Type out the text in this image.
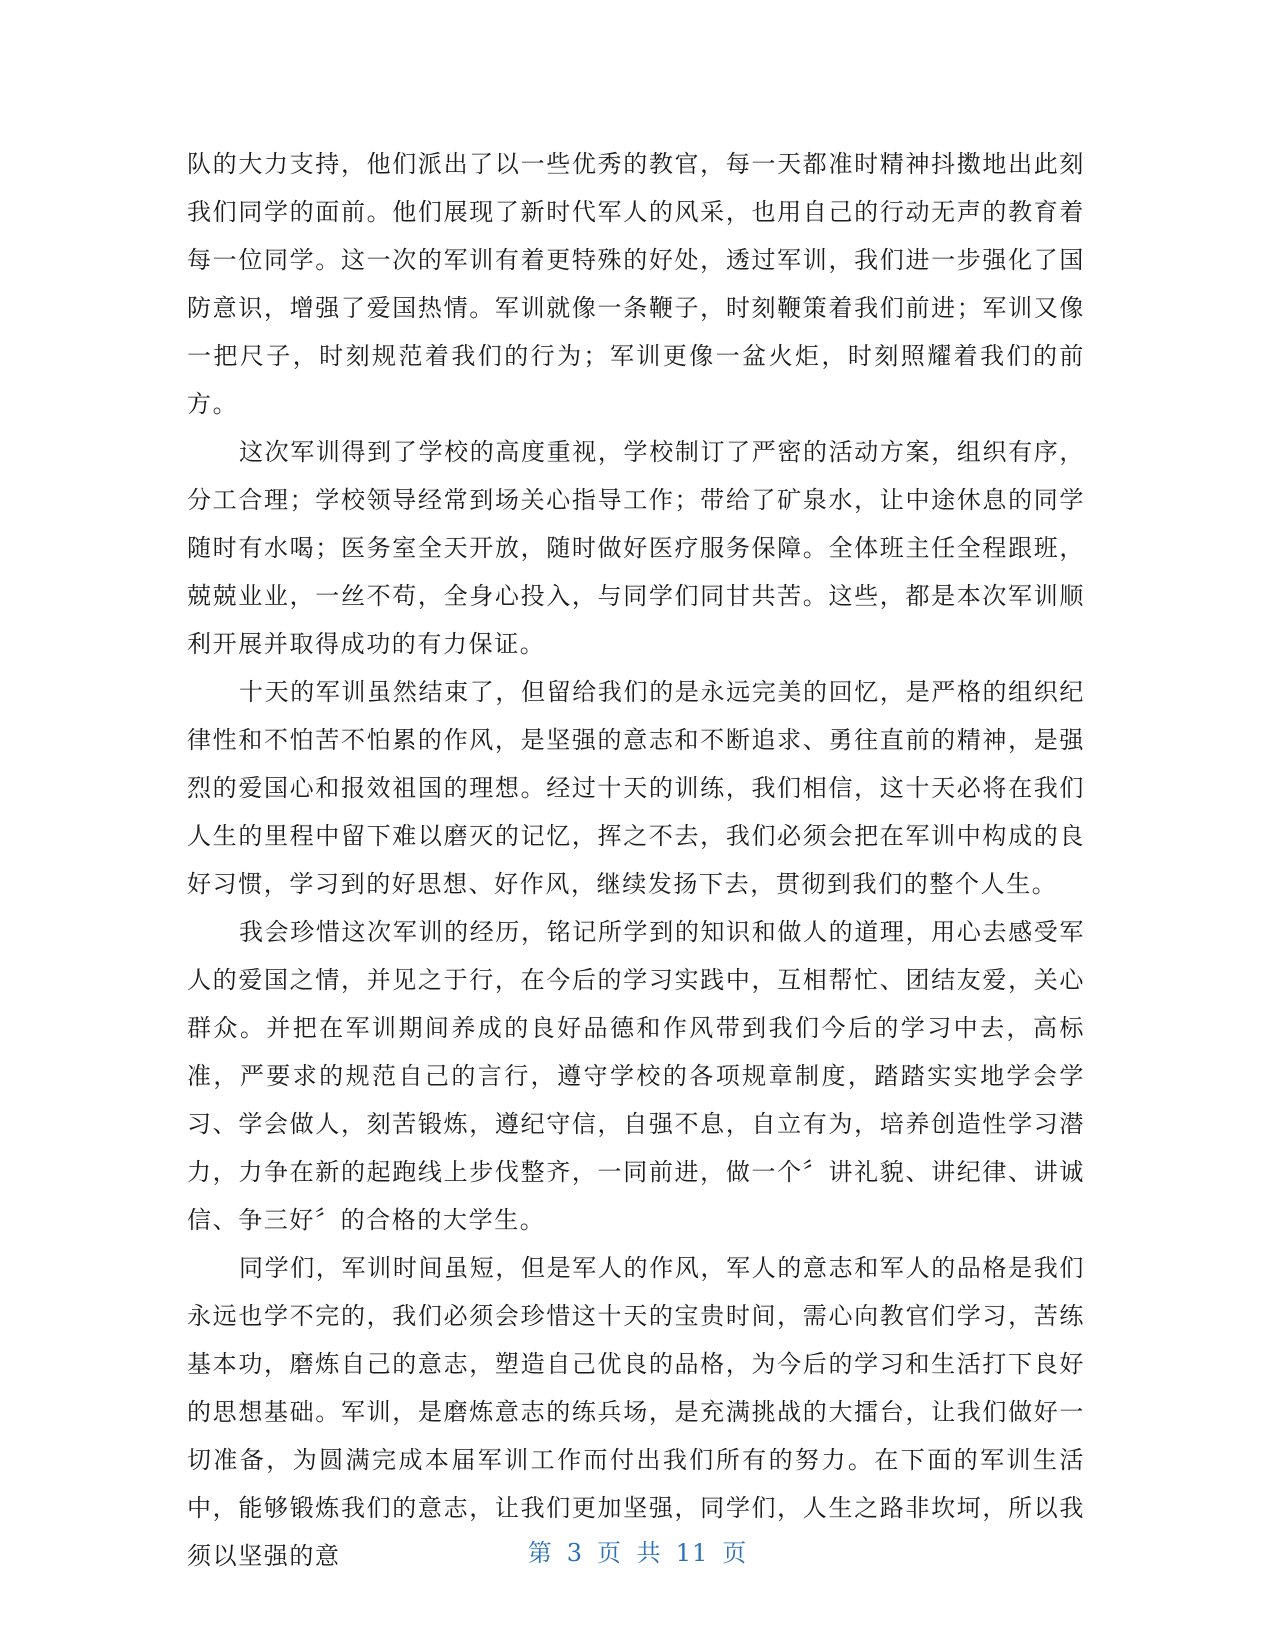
队的大力支持，他们派出了以一些优秀的教官，每一天都准时精神抖擞地出此刻我们同学的面前。他们展现了新时代军人的风采，也用自己的行动无声的教育着每一位同学。这一次的军训有着更特殊的好处，透过军训，我们进一步强化了国防意识，增强了爱国热情。军训就像一条鞭子，时刻鞭策着我们前进；军训又像一把尺子，时刻规范着我们的行为；军训更像一盆火炬，时刻照耀着我们的前方。

这次军训得到了学校的高度重视，学校制订了严密的活动方案，组织有序，分工合理；学校领导经常到场关心指导工作；带给了矿泉水，让中途休息的同学随时有水喝；医务室全天开放，随时做好医疗服务保障。全体班主任全程跟班，兢兢业业，一丝不苟，全身心投入，与同学们同甘共苦。这些，都是本次军训顺利开展并取得成功的有力保证。

十天的军训虽然结束了，但留给我们的是永远完美的回忆，是严格的组织纪律性和不怕苦不怕累的作风，是坚强的意志和不断追求、勇往直前的精神，是强烈的爱国心和报效祖国的理想。经过十天的训练，我们相信，这十天必将在我们人生的里程中留下难以磨灭的记忆，挥之不去，我们必须会把在军训中构成的良好习惯，学习到的好思想、好作风，继续发扬下去，贯彻到我们的整个人生。

我会珍惜这次军训的经历，铭记所学到的知识和做人的道理，用心去感受军人的爱国之情，并见之于行，在今后的学习实践中，互相帮忙、团结友爱，关心群众。并把在军训期间养成的良好品德和作风带到我们今后的学习中去，高标准，严要求的规范自己的言行，遵守学校的各项规章制度，踏踏实实地学会学习、学会做人，刻苦锻炼，遵纪守信，自强不息，自立有为，培养创造性学习潜力，力争在新的起跑线上步伐整齐，一同前进，做一个〞讲礼貌、讲纪律、讲诚信、争三好〞的合格的大学生。

同学们，军训时间虽短，但是军人的作风，军人的意志和军人的品格是我们永远也学不完的，我们必须会珍惜这十天的宝贵时间，需心向教官们学习，苦练基本功，磨炼自己的意志，塑造自己优良的品格，为今后的学习和生活打下良好的思想基础。军训，是磨炼意志的练兵场，是充满挑战的大擂台，让我们做好一切准备，为圆满完成本届军训工作而付出我们所有的努力。在下面的军训生活中，能够锻炼我们的意志，让我们更加坚强，同学们，人生之路非坎坷，所以我须以坚强的意	第 3 页 共 11 页
